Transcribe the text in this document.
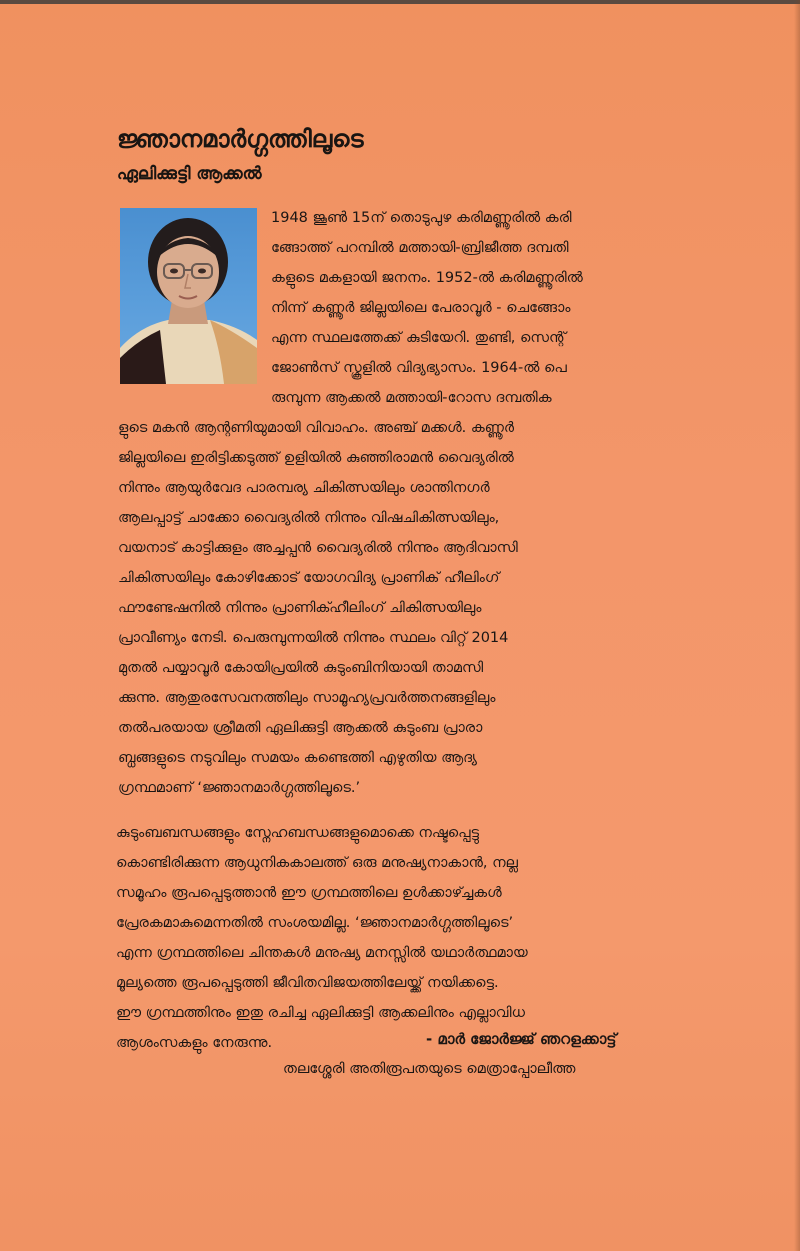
ജ്ഞാനമാർഗ്ഗത്തിലൂടെ
ഏലിക്കുട്ടി ആക്കൽ
1948 ജൂൺ 15ന് തൊടുപുഴ കരിമണ്ണൂരിൽ കരി
ങ്ങോത്ത് പറമ്പിൽ മത്തായി-ബ്രിജീത്ത ദമ്പതി
കളുടെ മകളായി ജനനം. 1952-ൽ കരിമണ്ണൂരിൽ
നിന്ന് കണ്ണൂർ ജില്ലയിലെ പേരാവൂർ - ചെങ്ങോം
എന്ന സ്ഥലത്തേക്ക് കുടിയേറി. തുണ്ടി, സെന്റ്
ജോൺസ് സ്കൂളിൽ വിദ്യഭ്യാസം. 1964-ൽ പെ
രുമ്പുന്ന ആക്കൽ മത്തായി-റോസ ദമ്പതിക
ളുടെ മകൻ ആന്റണിയുമായി വിവാഹം. അഞ്ച് മക്കൾ. കണ്ണൂർ
ജില്ലയിലെ ഇരിട്ടിക്കടുത്ത് ഉളിയിൽ കുഞ്ഞിരാമൻ വൈദ്യരിൽ
നിന്നും ആയുർവേദ പാരമ്പര്യ ചികിത്സയിലും ശാന്തിനഗർ
ആലപ്പാട്ട് ചാക്കോ വൈദ്യരിൽ നിന്നും വിഷചികിത്സയിലും,
വയനാട് കാട്ടിക്കുളം അച്ചപ്പൻ വൈദ്യരിൽ നിന്നും ആദിവാസി
ചികിത്സയിലും കോഴിക്കോട് യോഗവിദ്യ പ്രാണിക് ഹീലിംഗ്
ഫൗണ്ടേഷനിൽ നിന്നും പ്രാണിക്ഹീലിംഗ് ചികിത്സയിലും
പ്രാവീണ്യം നേടി. പെരുമ്പുന്നയിൽ നിന്നും സ്ഥലം വിറ്റ് 2014
മുതൽ പയ്യാവൂർ കോയിപ്രയിൽ കുടുംബിനിയായി താമസി
ക്കുന്നു. ആതുരസേവനത്തിലും സാമൂഹ്യപ്രവർത്തനങ്ങളിലും
തൽപരയായ ശ്രീമതി ഏലിക്കുട്ടി ആക്കൽ കുടുംബ പ്രാരാ
ബ്ധങ്ങളുടെ നടുവിലും സമയം കണ്ടെത്തി എഴുതിയ ആദ്യ
ഗ്രന്ഥമാണ് ‘ജ്ഞാനമാർഗ്ഗത്തിലൂടെ.’
കുടുംബബന്ധങ്ങളും സ്നേഹബന്ധങ്ങളുമൊക്കെ നഷ്ടപ്പെട്ടു
കൊണ്ടിരിക്കുന്ന ആധുനികകാലത്ത് ഒരു മനുഷ്യനാകാൻ, നല്ല
സമൂഹം രൂപപ്പെടുത്താൻ ഈ ഗ്രന്ഥത്തിലെ ഉൾക്കാഴ്ച്ചകൾ
പ്രേരകമാകുമെന്നതിൽ സംശയമില്ല. ‘ജ്ഞാനമാർഗ്ഗത്തിലൂടെ’
എന്ന ഗ്രന്ഥത്തിലെ ചിന്തകൾ മനുഷ്യ മനസ്സിൽ യഥാർത്ഥമായ
മൂല്യത്തെ രൂപപ്പെടുത്തി ജീവിതവിജയത്തിലേയ്ക്ക് നയിക്കട്ടെ.
ഈ ഗ്രന്ഥത്തിനും ഇതു രചിച്ച ഏലിക്കുട്ടി ആക്കലിനും എല്ലാവിധ
ആശംസകളും നേരുന്നു.	- മാർ ജോർജ്ജ് ഞറളക്കാട്ട്
തലശ്ശേരി അതിരൂപതയുടെ മെത്രാപ്പോലീത്ത
